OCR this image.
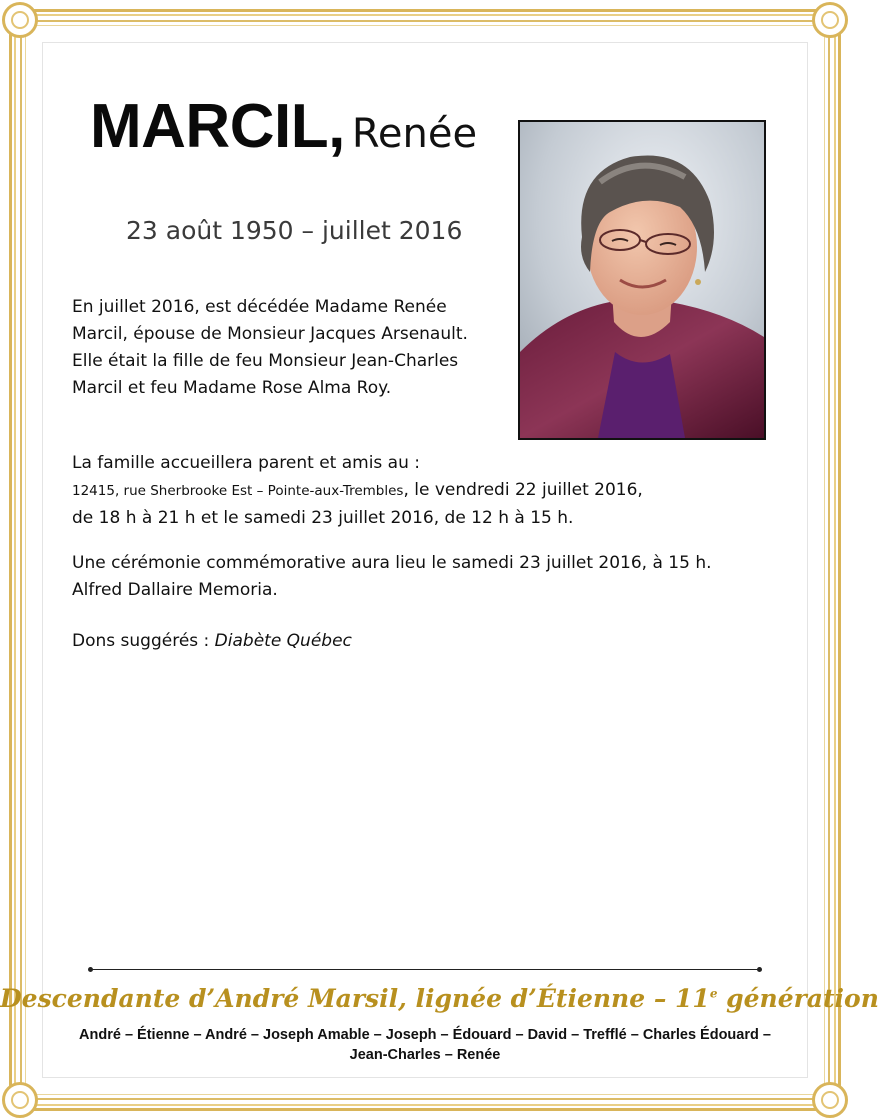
MARCIL, Renée
23 août 1950 – juillet 2016
En juillet 2016, est décédée Madame Renée
Marcil, épouse de Monsieur Jacques Arsenault.
Elle était la fille de feu Monsieur Jean-Charles
Marcil et feu Madame Rose Alma Roy.
La famille accueillera parent et amis au :
12415, rue Sherbrooke Est – Pointe-aux-Trembles, le vendredi 22 juillet 2016,
de 18 h à 21 h et le samedi 23 juillet 2016, de 12 h à 15 h.
Une cérémonie commémorative aura lieu le samedi 23 juillet 2016, à 15 h.
Alfred Dallaire Memoria.
Dons suggérés : Diabète Québec
Descendante d’André Marsil, lignée d’Étienne – 11e génération
André – Étienne – André – Joseph Amable – Joseph – Édouard – David – Trefflé – Charles Édouard –
Jean-Charles – Renée
